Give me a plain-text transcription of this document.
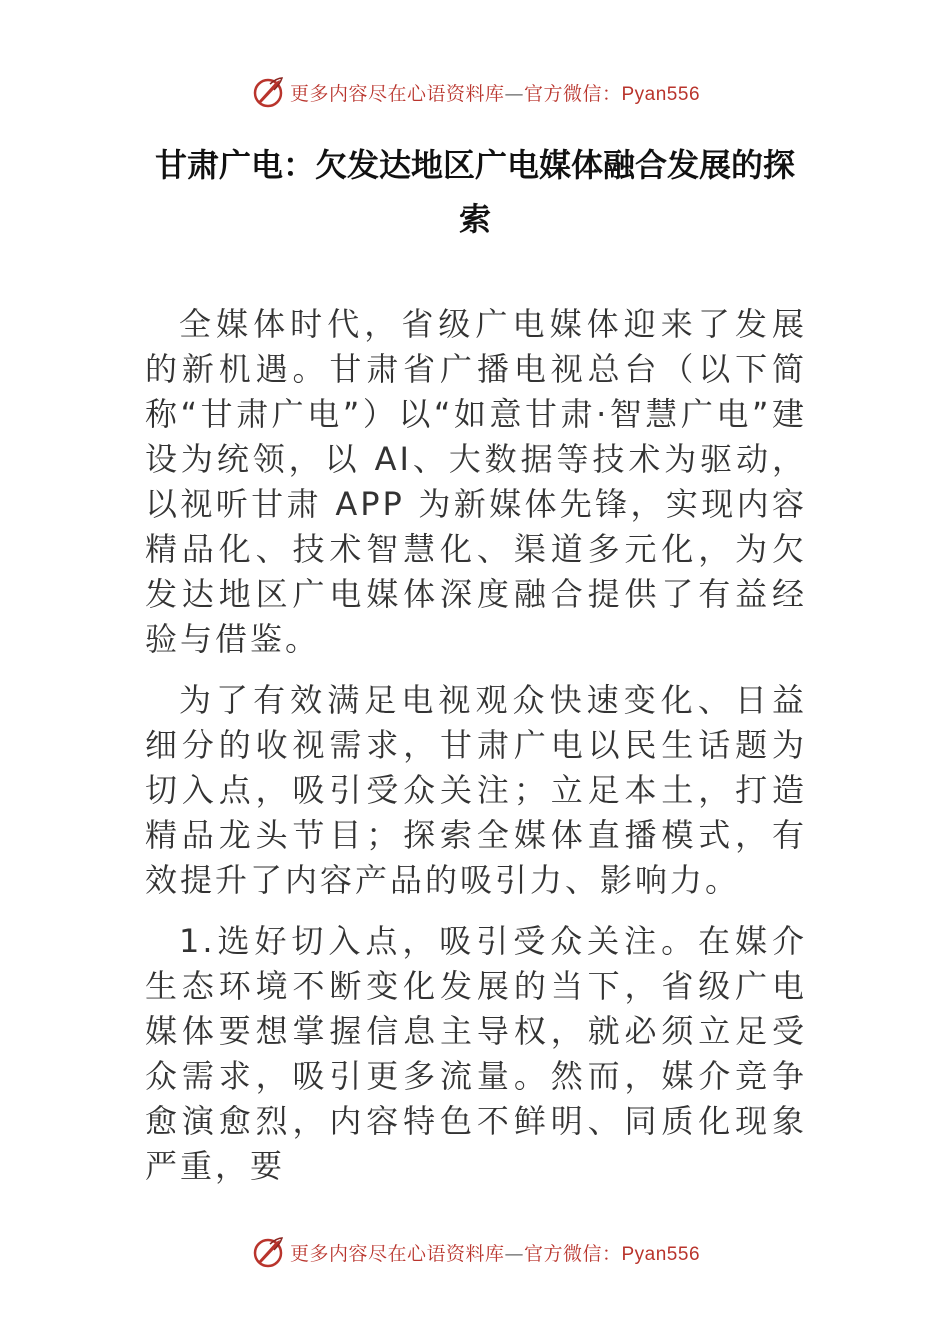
更多内容尽在心语资料库—官方微信：Pyan556
甘肃广电：欠发达地区广电媒体融合发展的探索

全媒体时代，省级广电媒体迎来了发展的新机遇。甘肃省广播电视总台（以下简称“甘肃广电”）以“如意甘肃·智慧广电”建设为统领，以 AI、大数据等技术为驱动，以视听甘肃 APP 为新媒体先锋，实现内容精品化、技术智慧化、渠道多元化，为欠发达地区广电媒体深度融合提供了有益经验与借鉴。

为了有效满足电视观众快速变化、日益细分的收视需求，甘肃广电以民生话题为切入点，吸引受众关注；立足本土，打造精品龙头节目；探索全媒体直播模式，有效提升了内容产品的吸引力、影响力。

1.选好切入点，吸引受众关注。在媒介生态环境不断变化发展的当下，省级广电媒体要想掌握信息主导权，就必须立足受众需求，吸引更多流量。然而，媒介竞争愈演愈烈，内容特色不鲜明、同质化现象严重，要

更多内容尽在心语资料库—官方微信：Pyan556
